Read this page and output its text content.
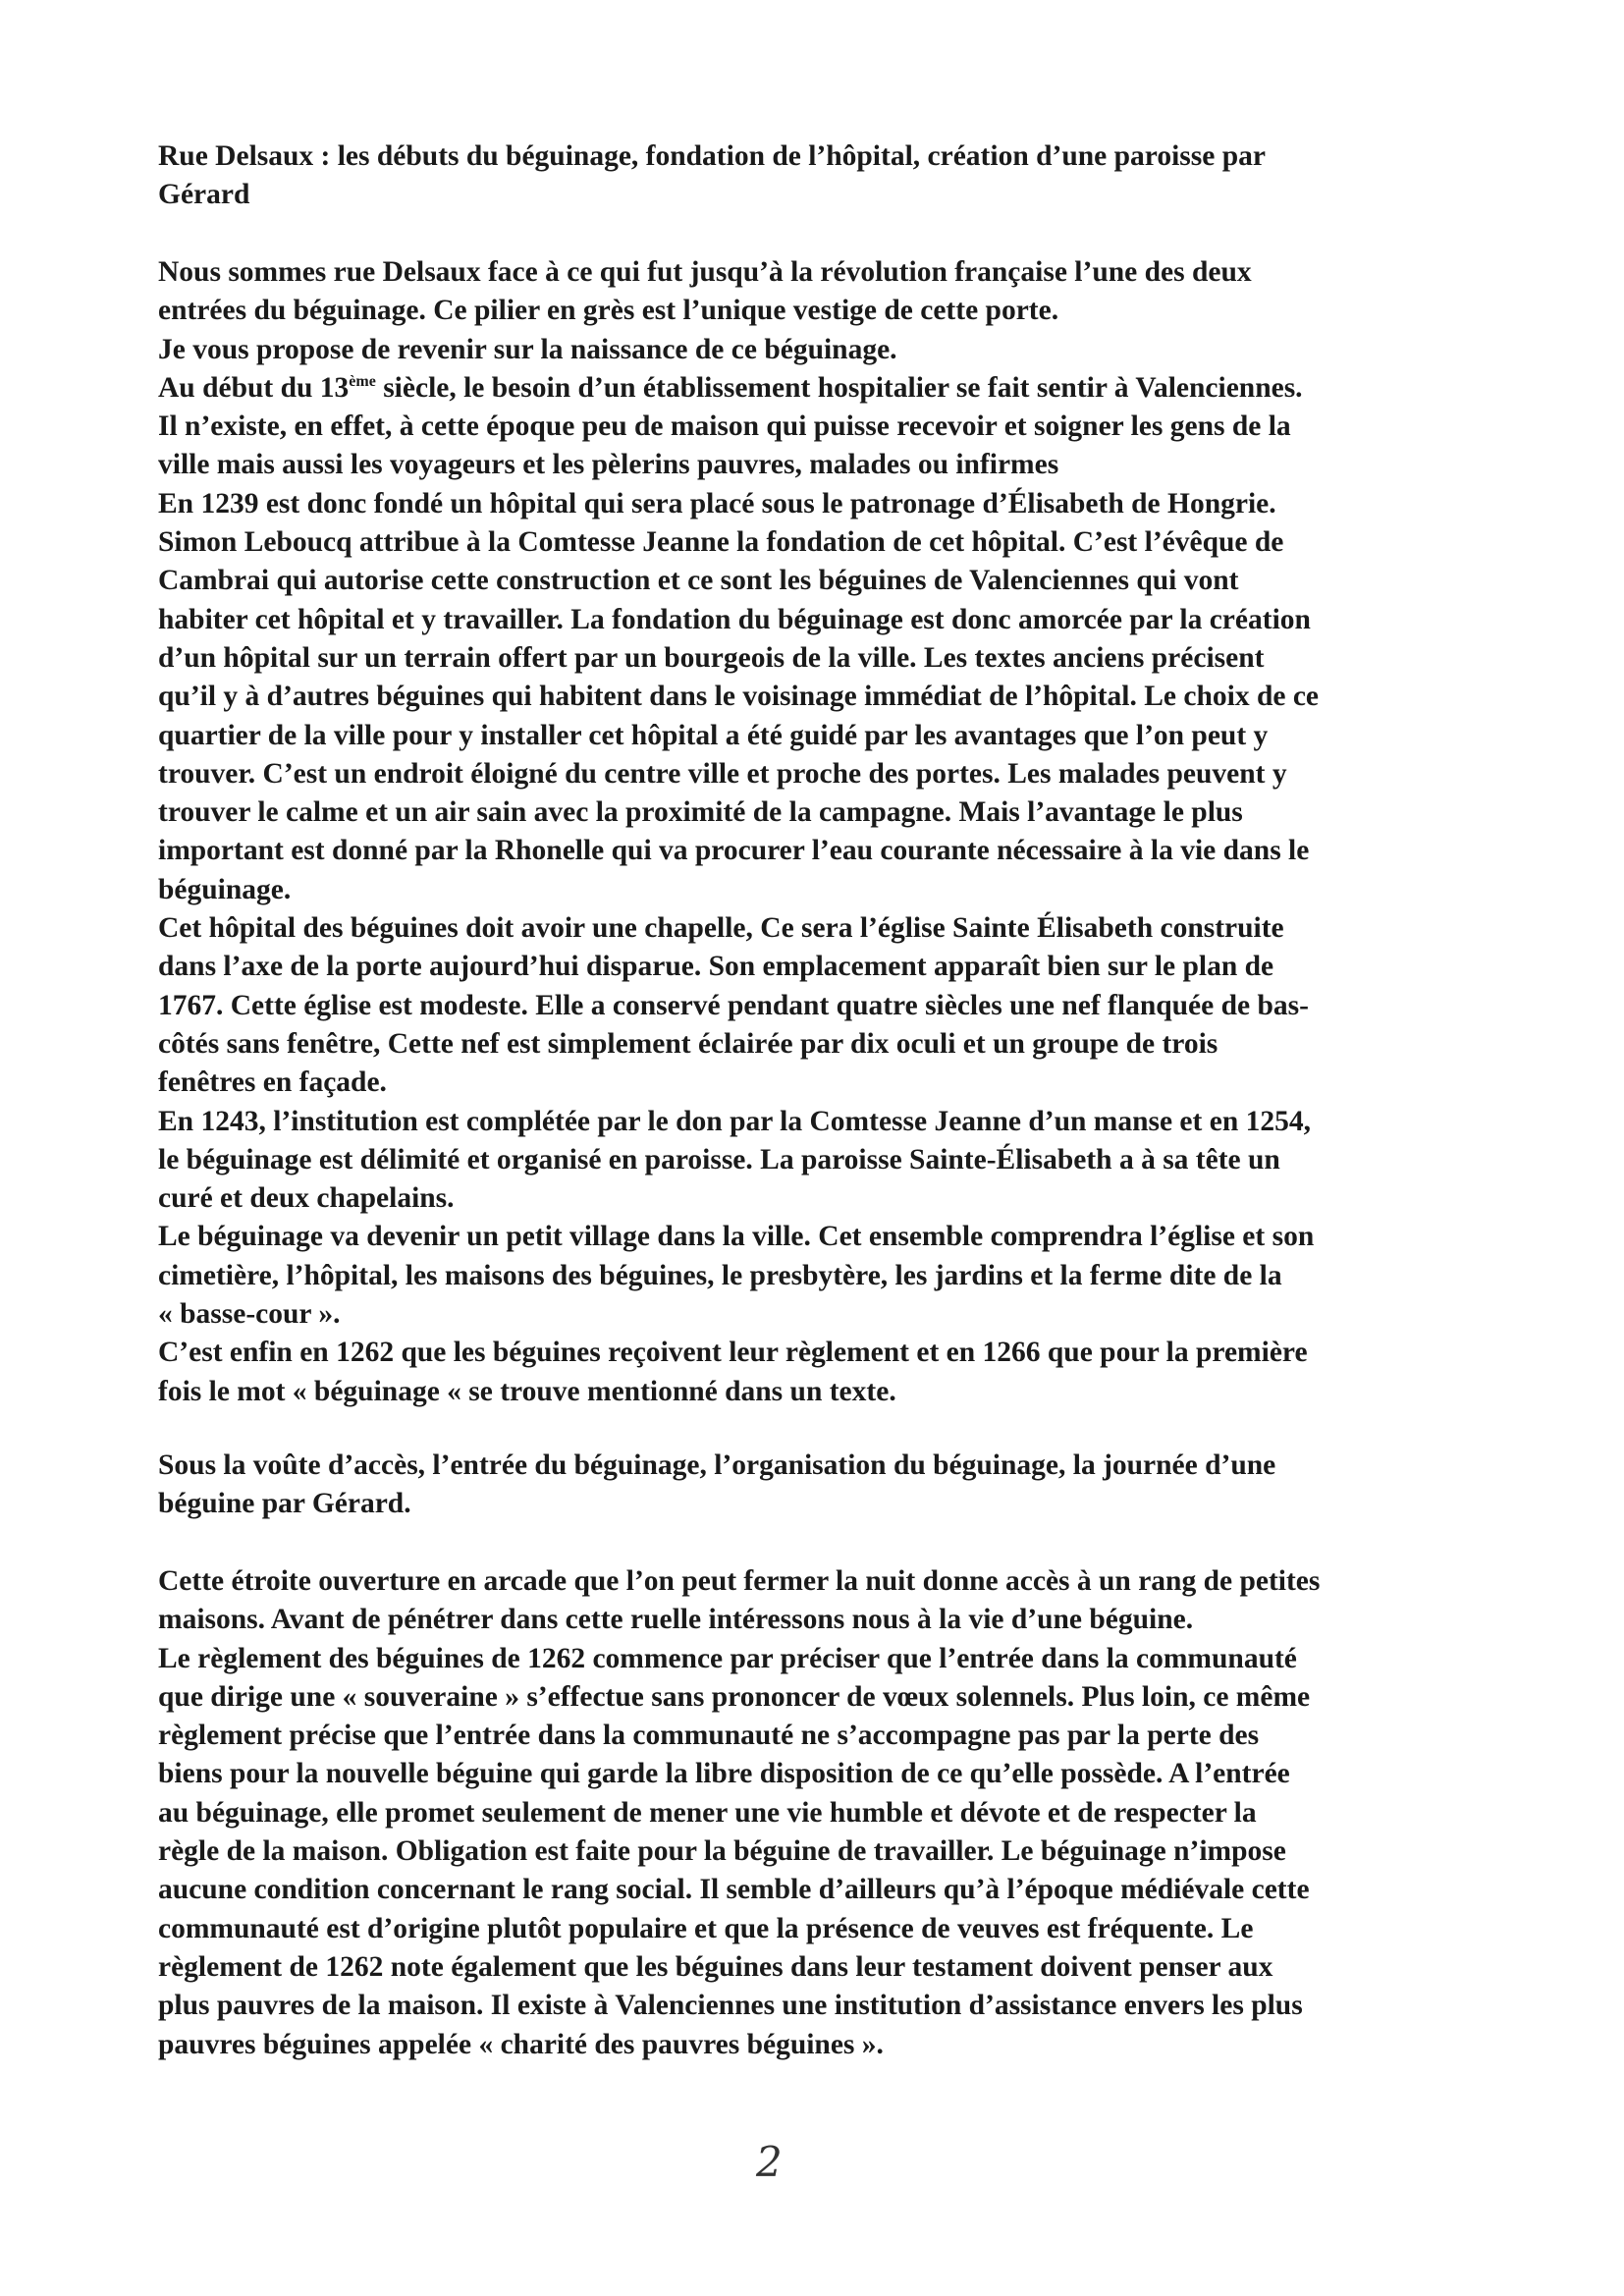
Rue Delsaux : les débuts du béguinage, fondation de l’hôpital, création d’une paroisse par
Gérard
Nous sommes rue Delsaux face à ce qui fut jusqu’à la révolution française l’une des deux
entrées du béguinage. Ce pilier en grès est l’unique vestige de cette porte.
Je vous propose de revenir sur la naissance de ce béguinage.
Au début du 13ème siècle, le besoin d’un établissement hospitalier se fait sentir à Valenciennes.
Il n’existe, en effet, à cette époque peu de maison qui puisse recevoir et soigner les gens de la
ville mais aussi les voyageurs et les pèlerins pauvres, malades ou infirmes
En 1239 est donc fondé un hôpital qui sera placé sous le patronage d’Élisabeth de Hongrie.
Simon Leboucq attribue à la Comtesse Jeanne la fondation de cet hôpital. C’est l’évêque de
Cambrai qui autorise cette construction et ce sont les béguines de Valenciennes qui vont
habiter cet hôpital et y travailler. La fondation du béguinage est donc amorcée par la création
d’un hôpital sur un terrain offert par un bourgeois de la ville. Les textes anciens précisent
qu’il y à d’autres béguines qui habitent dans le voisinage immédiat de l’hôpital. Le choix de ce
quartier de la ville pour y installer cet hôpital a été guidé par les avantages que l’on peut y
trouver. C’est un endroit éloigné du centre ville et proche des portes. Les malades peuvent y
trouver le calme et un air sain avec la proximité de la campagne. Mais l’avantage le plus
important est donné par la Rhonelle qui va procurer l’eau courante nécessaire à la vie dans le
béguinage.
Cet hôpital des béguines doit avoir une chapelle, Ce sera l’église Sainte Élisabeth construite
dans l’axe de la porte aujourd’hui disparue. Son emplacement apparaît bien sur le plan de
1767. Cette église est modeste. Elle a conservé pendant quatre siècles une nef flanquée de bas-
côtés sans fenêtre, Cette nef est simplement éclairée par dix oculi et un groupe de trois
fenêtres en façade.
En 1243, l’institution est complétée par le don par la Comtesse Jeanne d’un manse et en 1254,
le béguinage est délimité et organisé en paroisse. La paroisse Sainte-Élisabeth a à sa tête un
curé et deux chapelains.
Le béguinage va devenir un petit village dans la ville. Cet ensemble comprendra l’église et son
cimetière, l’hôpital, les maisons des béguines, le presbytère, les jardins et la ferme dite de la
« basse-cour ».
C’est enfin en 1262 que les béguines reçoivent leur règlement et en 1266 que pour la première
fois le mot « béguinage « se trouve mentionné dans un texte.
Sous la voûte d’accès, l’entrée du béguinage, l’organisation du béguinage, la journée d’une
béguine par Gérard.
Cette étroite ouverture en arcade que l’on peut fermer la nuit donne accès à un rang de petites
maisons. Avant de pénétrer dans cette ruelle intéressons nous à la vie d’une béguine.
Le règlement des béguines de 1262 commence par préciser que l’entrée dans la communauté
que dirige une « souveraine » s’effectue sans prononcer de vœux solennels. Plus loin, ce même
règlement précise que l’entrée dans la communauté ne s’accompagne pas par la perte des
biens pour la nouvelle béguine qui garde la libre disposition de ce qu’elle possède. A l’entrée
au béguinage, elle promet seulement de mener une vie humble et dévote et de respecter la
règle de la maison. Obligation est faite pour la béguine de travailler. Le béguinage n’impose
aucune condition concernant le rang social. Il semble d’ailleurs qu’à l’époque médiévale cette
communauté est d’origine plutôt populaire et que la présence de veuves est fréquente. Le
règlement de 1262 note également que les béguines dans leur testament doivent penser aux
plus pauvres de la maison. Il existe à Valenciennes une institution d’assistance envers les plus
pauvres béguines appelée « charité des pauvres béguines ».
2
